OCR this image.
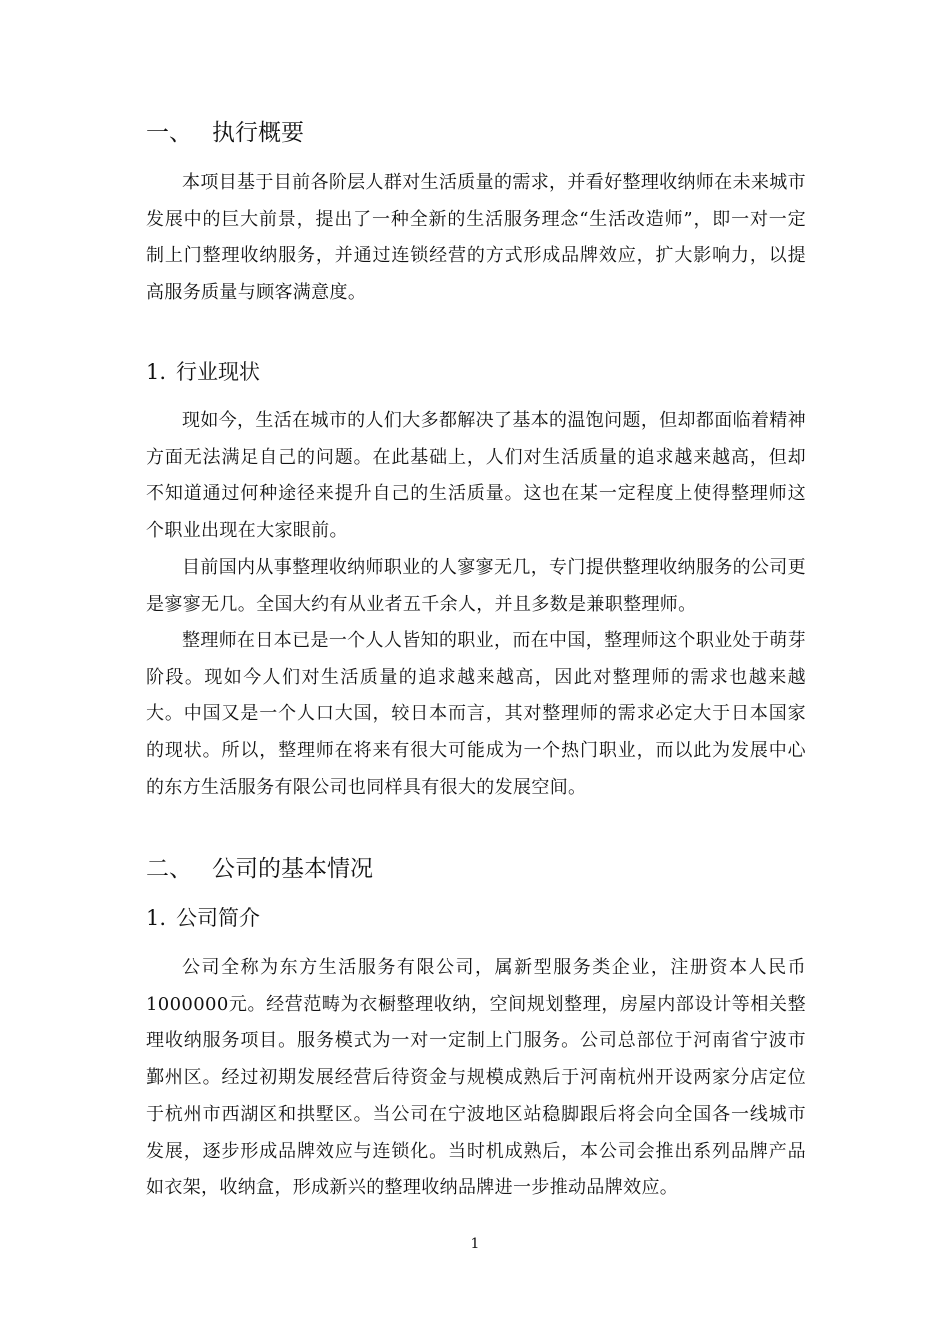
一、 执行概要

本项目基于目前各阶层人群对生活质量的需求，并看好整理收纳师在未来城市发展中的巨大前景，提出了一种全新的生活服务理念“生活改造师”，即一对一定制上门整理收纳服务，并通过连锁经营的方式形成品牌效应，扩大影响力，以提高服务质量与顾客满意度。

1. 行业现状

现如今，生活在城市的人们大多都解决了基本的温饱问题，但却都面临着精神方面无法满足自己的问题。在此基础上，人们对生活质量的追求越来越高，但却不知道通过何种途径来提升自己的生活质量。这也在某一定程度上使得整理师这个职业出现在大家眼前。

目前国内从事整理收纳师职业的人寥寥无几，专门提供整理收纳服务的公司更是寥寥无几。全国大约有从业者五千余人，并且多数是兼职整理师。

整理师在日本已是一个人人皆知的职业，而在中国，整理师这个职业处于萌芽阶段。现如今人们对生活质量的追求越来越高，因此对整理师的需求也越来越大。中国又是一个人口大国，较日本而言，其对整理师的需求必定大于日本国家的现状。所以，整理师在将来有很大可能成为一个热门职业，而以此为发展中心的东方生活服务有限公司也同样具有很大的发展空间。

二、 公司的基本情况
1. 公司简介

公司全称为东方生活服务有限公司，属新型服务类企业，注册资本人民币1000000元。经营范畴为衣橱整理收纳，空间规划整理，房屋内部设计等相关整理收纳服务项目。服务模式为一对一定制上门服务。公司总部位于河南省宁波市鄞州区。经过初期发展经营后待资金与规模成熟后于河南杭州开设两家分店定位于杭州市西湖区和拱墅区。当公司在宁波地区站稳脚跟后将会向全国各一线城市发展，逐步形成品牌效应与连锁化。当时机成熟后，本公司会推出系列品牌产品如衣架，收纳盒，形成新兴的整理收纳品牌进一步推动品牌效应。

1
